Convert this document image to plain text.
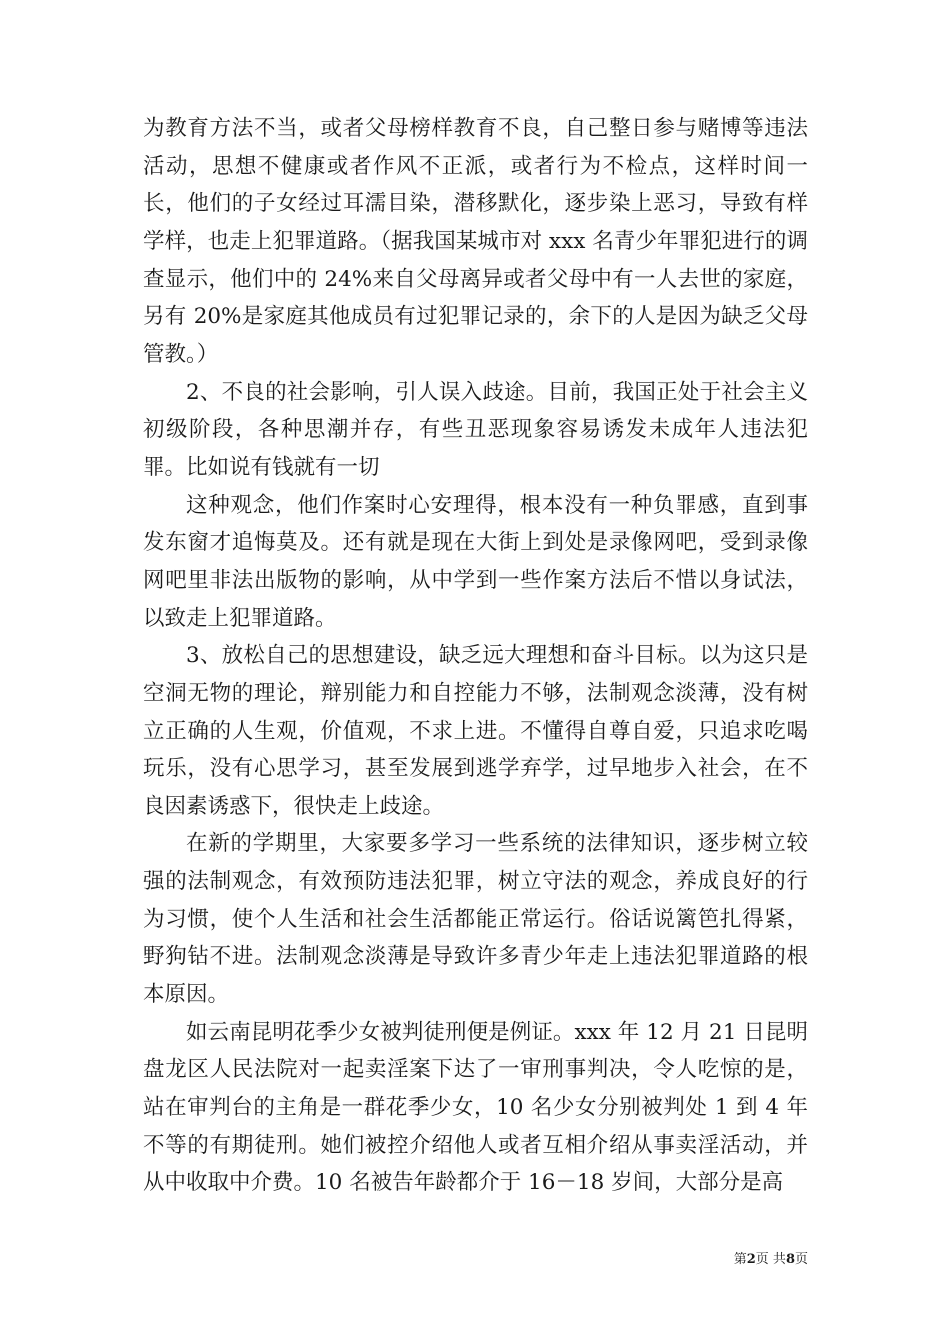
为教育方法不当，或者父母榜样教育不良，自己整日参与赌博等违法活动，思想不健康或者作风不正派，或者行为不检点，这样时间一长，他们的子女经过耳濡目染，潜移默化，逐步染上恶习，导致有样学样，也走上犯罪道路。（据我国某城市对 xxx 名青少年罪犯进行的调查显示，他们中的 24%来自父母离异或者父母中有一人去世的家庭，另有 20%是家庭其他成员有过犯罪记录的，余下的人是因为缺乏父母管教。）

2、不良的社会影响，引人误入歧途。目前，我国正处于社会主义初级阶段，各种思潮并存，有些丑恶现象容易诱发未成年人违法犯罪。比如说有钱就有一切

这种观念，他们作案时心安理得，根本没有一种负罪感，直到事发东窗才追悔莫及。还有就是现在大街上到处是录像网吧，受到录像网吧里非法出版物的影响，从中学到一些作案方法后不惜以身试法，以致走上犯罪道路。

3、放松自己的思想建设，缺乏远大理想和奋斗目标。以为这只是空洞无物的理论，辩别能力和自控能力不够，法制观念淡薄，没有树立正确的人生观，价值观，不求上进。不懂得自尊自爱，只追求吃喝玩乐，没有心思学习，甚至发展到逃学弃学，过早地步入社会，在不良因素诱惑下，很快走上歧途。

在新的学期里，大家要多学习一些系统的法律知识，逐步树立较强的法制观念，有效预防违法犯罪，树立守法的观念，养成良好的行为习惯，使个人生活和社会生活都能正常运行。俗话说篱笆扎得紧，野狗钻不进。法制观念淡薄是导致许多青少年走上违法犯罪道路的根本原因。

如云南昆明花季少女被判徒刑便是例证。xxx 年 12 月 21 日昆明盘龙区人民法院对一起卖淫案下达了一审刑事判决，令人吃惊的是，站在审判台的主角是一群花季少女，10 名少女分别被判处 1 到 4 年不等的有期徒刑。她们被控介绍他人或者互相介绍从事卖淫活动，并从中收取中介费。10 名被告年龄都介于 16－18 岁间，大部分是高

第2页 共8页
